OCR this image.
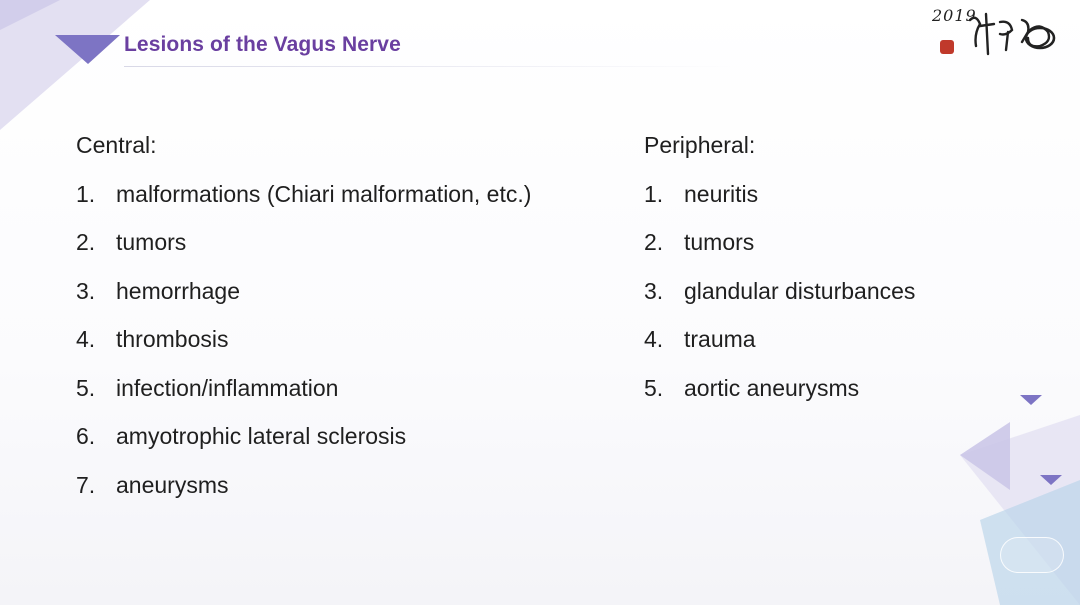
Lesions of the Vagus Nerve
2019
Central:
1. malformations (Chiari malformation, etc.)
2. tumors
3. hemorrhage
4. thrombosis
5. infection/inflammation
6. amyotrophic lateral sclerosis
7. aneurysms
Peripheral:
1. neuritis
2. tumors
3. glandular disturbances
4. trauma
5. aortic aneurysms
